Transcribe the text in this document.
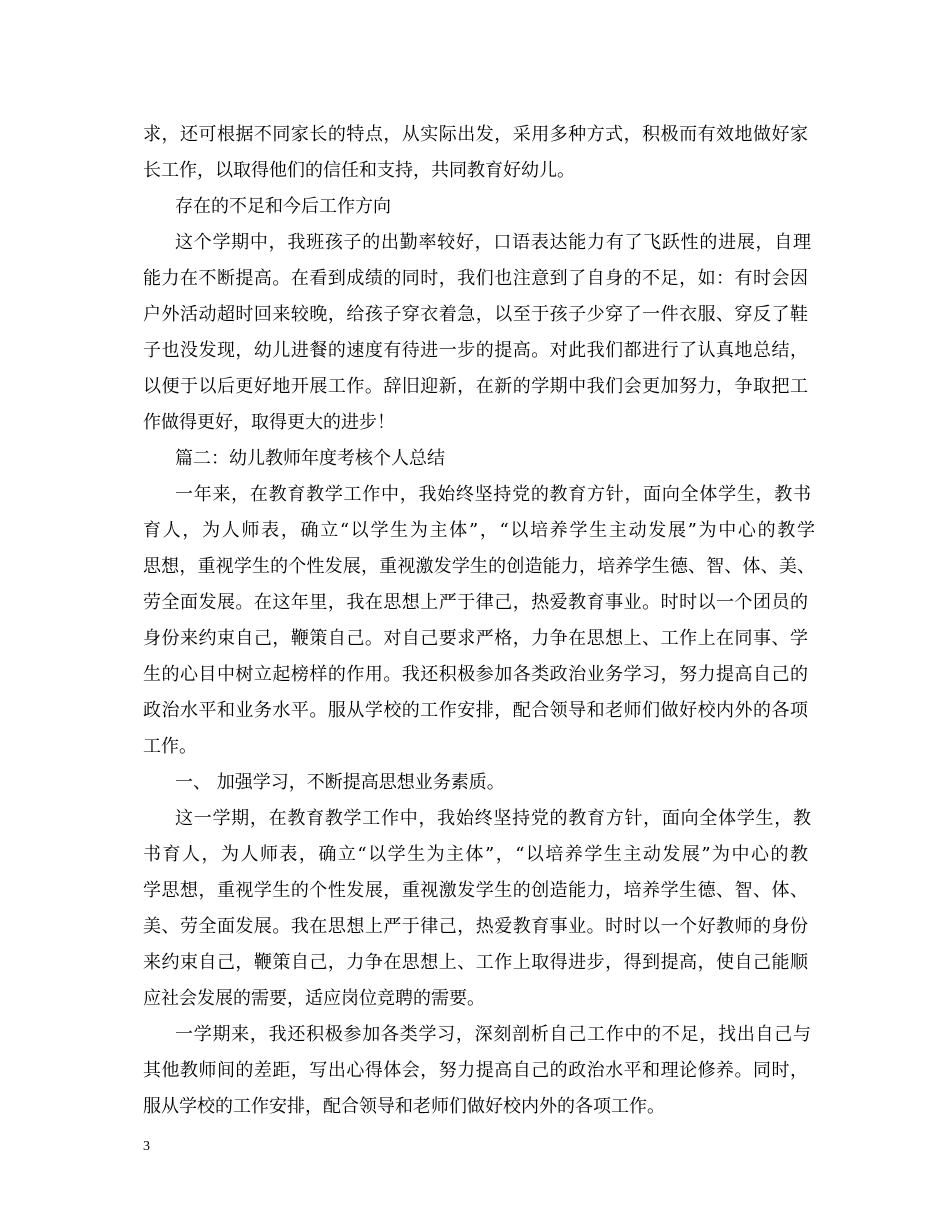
求，还可根据不同家长的特点，从实际出发，采用多种方式，积极而有效地做好家
长工作，以取得他们的信任和支持，共同教育好幼儿。
存在的不足和今后工作方向
这个学期中，我班孩子的出勤率较好，口语表达能力有了飞跃性的进展，自理
能力在不断提高。在看到成绩的同时，我们也注意到了自身的不足，如：有时会因
户外活动超时回来较晚，给孩子穿衣着急，以至于孩子少穿了一件衣服、穿反了鞋
子也没发现，幼儿进餐的速度有待进一步的提高。对此我们都进行了认真地总结，
以便于以后更好地开展工作。辞旧迎新，在新的学期中我们会更加努力，争取把工
作做得更好，取得更大的进步！
篇二：幼儿教师年度考核个人总结
一年来，在教育教学工作中，我始终坚持党的教育方针，面向全体学生，教书
育人，为人师表，确立“以学生为主体”，“以培养学生主动发展”为中心的教学
思想，重视学生的个性发展，重视激发学生的创造能力，培养学生德、智、体、美、
劳全面发展。在这年里，我在思想上严于律己，热爱教育事业。时时以一个团员的
身份来约束自己，鞭策自己。对自己要求严格，力争在思想上、工作上在同事、学
生的心目中树立起榜样的作用。我还积极参加各类政治业务学习，努力提高自己的
政治水平和业务水平。服从学校的工作安排，配合领导和老师们做好校内外的各项
工作。
一、 加强学习，不断提高思想业务素质。
这一学期，在教育教学工作中，我始终坚持党的教育方针，面向全体学生，教
书育人，为人师表，确立“以学生为主体”，“以培养学生主动发展”为中心的教
学思想，重视学生的个性发展，重视激发学生的创造能力，培养学生德、智、体、
美、劳全面发展。我在思想上严于律己，热爱教育事业。时时以一个好教师的身份
来约束自己，鞭策自己，力争在思想上、工作上取得进步，得到提高，使自己能顺
应社会发展的需要，适应岗位竞聘的需要。
一学期来，我还积极参加各类学习，深刻剖析自己工作中的不足，找出自己与
其他教师间的差距，写出心得体会，努力提高自己的政治水平和理论修养。同时，
服从学校的工作安排，配合领导和老师们做好校内外的各项工作。
3
